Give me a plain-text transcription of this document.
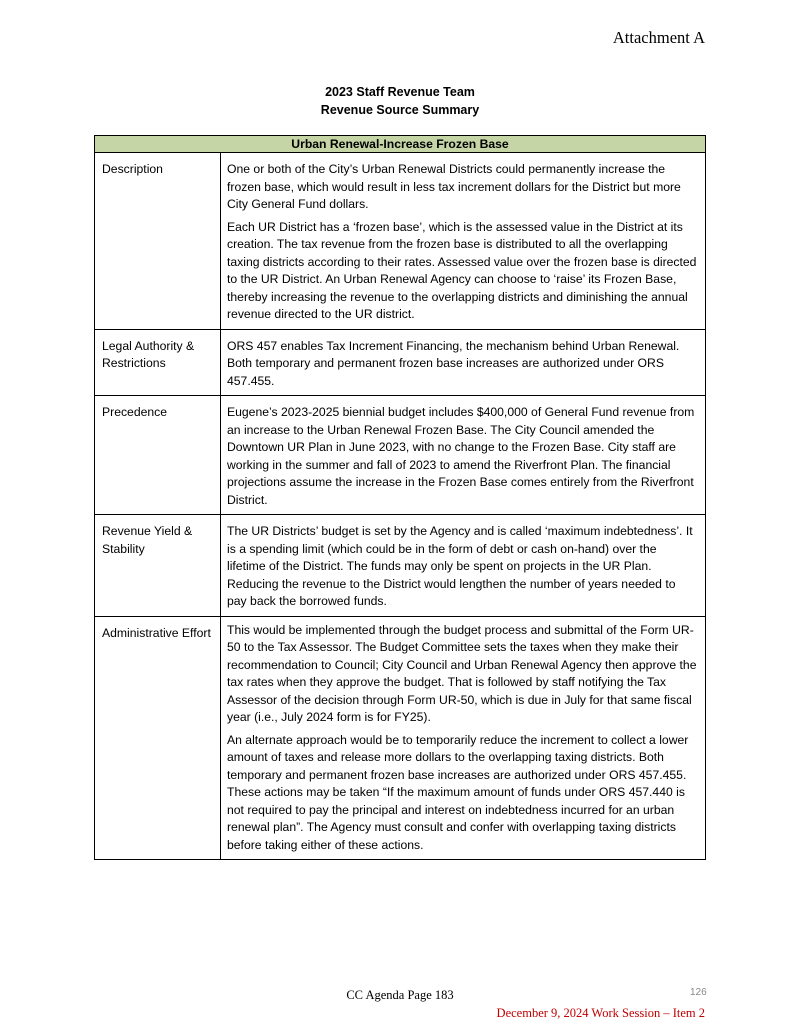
Attachment A
2023 Staff Revenue Team
Revenue Source Summary
Urban Renewal-Increase Frozen Base	
Description	One or both of the City’s Urban Renewal Districts could permanently increase the frozen base, which would result in less tax increment dollars for the District but more City General Fund dollars.

Each UR District has a ‘frozen base’, which is the assessed value in the District at its creation. The tax revenue from the frozen base is distributed to all the overlapping taxing districts according to their rates. Assessed value over the frozen base is directed to the UR District. An Urban Renewal Agency can choose to ‘raise’ its Frozen Base, thereby increasing the revenue to the overlapping districts and diminishing the annual revenue directed to the UR district.

Legal Authority & Restrictions	ORS 457 enables Tax Increment Financing, the mechanism behind Urban Renewal. Both temporary and permanent frozen base increases are authorized under ORS 457.455.

Precedence	Eugene’s 2023-2025 biennial budget includes $400,000 of General Fund revenue from an increase to the Urban Renewal Frozen Base. The City Council amended the Downtown UR Plan in June 2023, with no change to the Frozen Base. City staff are working in the summer and fall of 2023 to amend the Riverfront Plan. The financial projections assume the increase in the Frozen Base comes entirely from the Riverfront District.

Revenue Yield & Stability	The UR Districts’ budget is set by the Agency and is called ‘maximum indebtedness’. It is a spending limit (which could be in the form of debt or cash on-hand) over the lifetime of the District. The funds may only be spent on projects in the UR Plan. Reducing the revenue to the District would lengthen the number of years needed to pay back the borrowed funds.

Administrative Effort	This would be implemented through the budget process and submittal of the Form UR-50 to the Tax Assessor. The Budget Committee sets the taxes when they make their recommendation to Council; City Council and Urban Renewal Agency then approve the tax rates when they approve the budget. That is followed by staff notifying the Tax Assessor of the decision through Form UR-50, which is due in July for that same fiscal year (i.e., July 2024 form is for FY25).

An alternate approach would be to temporarily reduce the increment to collect a lower amount of taxes and release more dollars to the overlapping taxing districts. Both temporary and permanent frozen base increases are authorized under ORS 457.455. These actions may be taken “If the maximum amount of funds under ORS 457.440 is not required to pay the principal and interest on indebtedness incurred for an urban renewal plan”. The Agency must consult and confer with overlapping taxing districts before taking either of these actions.

CC Agenda Page 183	126
December 9, 2024 Work Session – Item 2
